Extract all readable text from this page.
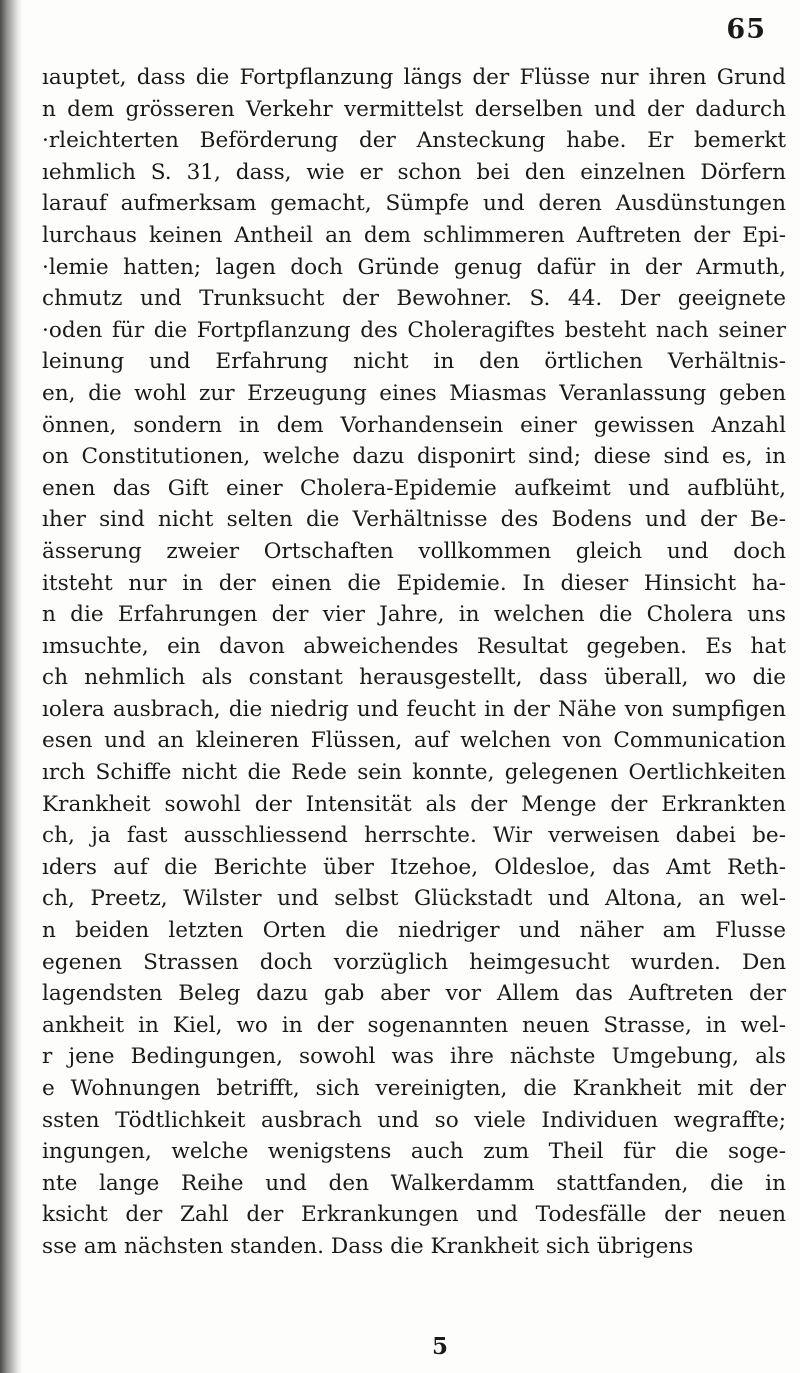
65
ıauptet, dass die Fortpflanzung längs der Flüsse nur ihren Grund
n dem grösseren Verkehr vermittelst derselben und der dadurch
·rleichterten Beförderung der Ansteckung habe. Er bemerkt
ıehmlich S. 31, dass, wie er schon bei den einzelnen Dörfern
larauf aufmerksam gemacht, Sümpfe und deren Ausdünstungen
lurchaus keinen Antheil an dem schlimmeren Auftreten der Epi-
·lemie hatten; lagen doch Gründe genug dafür in der Armuth,
chmutz und Trunksucht der Bewohner. S. 44. Der geeignete
·oden für die Fortpflanzung des Choleragiftes besteht nach seiner
leinung und Erfahrung nicht in den örtlichen Verhältnis-
en, die wohl zur Erzeugung eines Miasmas Veranlassung geben
önnen, sondern in dem Vorhandensein einer gewissen Anzahl
on Constitutionen, welche dazu disponirt sind; diese sind es, in
enen das Gift einer Cholera-Epidemie aufkeimt und aufblüht,
ıher sind nicht selten die Verhältnisse des Bodens und der Be-
ässerung zweier Ortschaften vollkommen gleich und doch
itsteht nur in der einen die Epidemie. In dieser Hinsicht ha-
n die Erfahrungen der vier Jahre, in welchen die Cholera uns
ımsuchte, ein davon abweichendes Resultat gegeben. Es hat
ch nehmlich als constant herausgestellt, dass überall, wo die
ıolera ausbrach, die niedrig und feucht in der Nähe von sumpfigen
esen und an kleineren Flüssen, auf welchen von Communication
ırch Schiffe nicht die Rede sein konnte, gelegenen Oertlichkeiten
Krankheit sowohl der Intensität als der Menge der Erkrankten
ch, ja fast ausschliessend herrschte. Wir verweisen dabei be-
ıders auf die Berichte über Itzehoe, Oldesloe, das Amt Reth-
ch, Preetz, Wilster und selbst Glückstadt und Altona, an wel-
n beiden letzten Orten die niedriger und näher am Flusse
egenen Strassen doch vorzüglich heimgesucht wurden. Den
lagendsten Beleg dazu gab aber vor Allem das Auftreten der
ankheit in Kiel, wo in der sogenannten neuen Strasse, in wel-
r jene Bedingungen, sowohl was ihre nächste Umgebung, als
e Wohnungen betrifft, sich vereinigten, die Krankheit mit der
ssten Tödtlichkeit ausbrach und so viele Individuen wegraffte;
ingungen, welche wenigstens auch zum Theil für die soge-
nte lange Reihe und den Walkerdamm stattfanden, die in
ksicht der Zahl der Erkrankungen und Todesfälle der neuen
sse am nächsten standen. Dass die Krankheit sich übrigens
5
